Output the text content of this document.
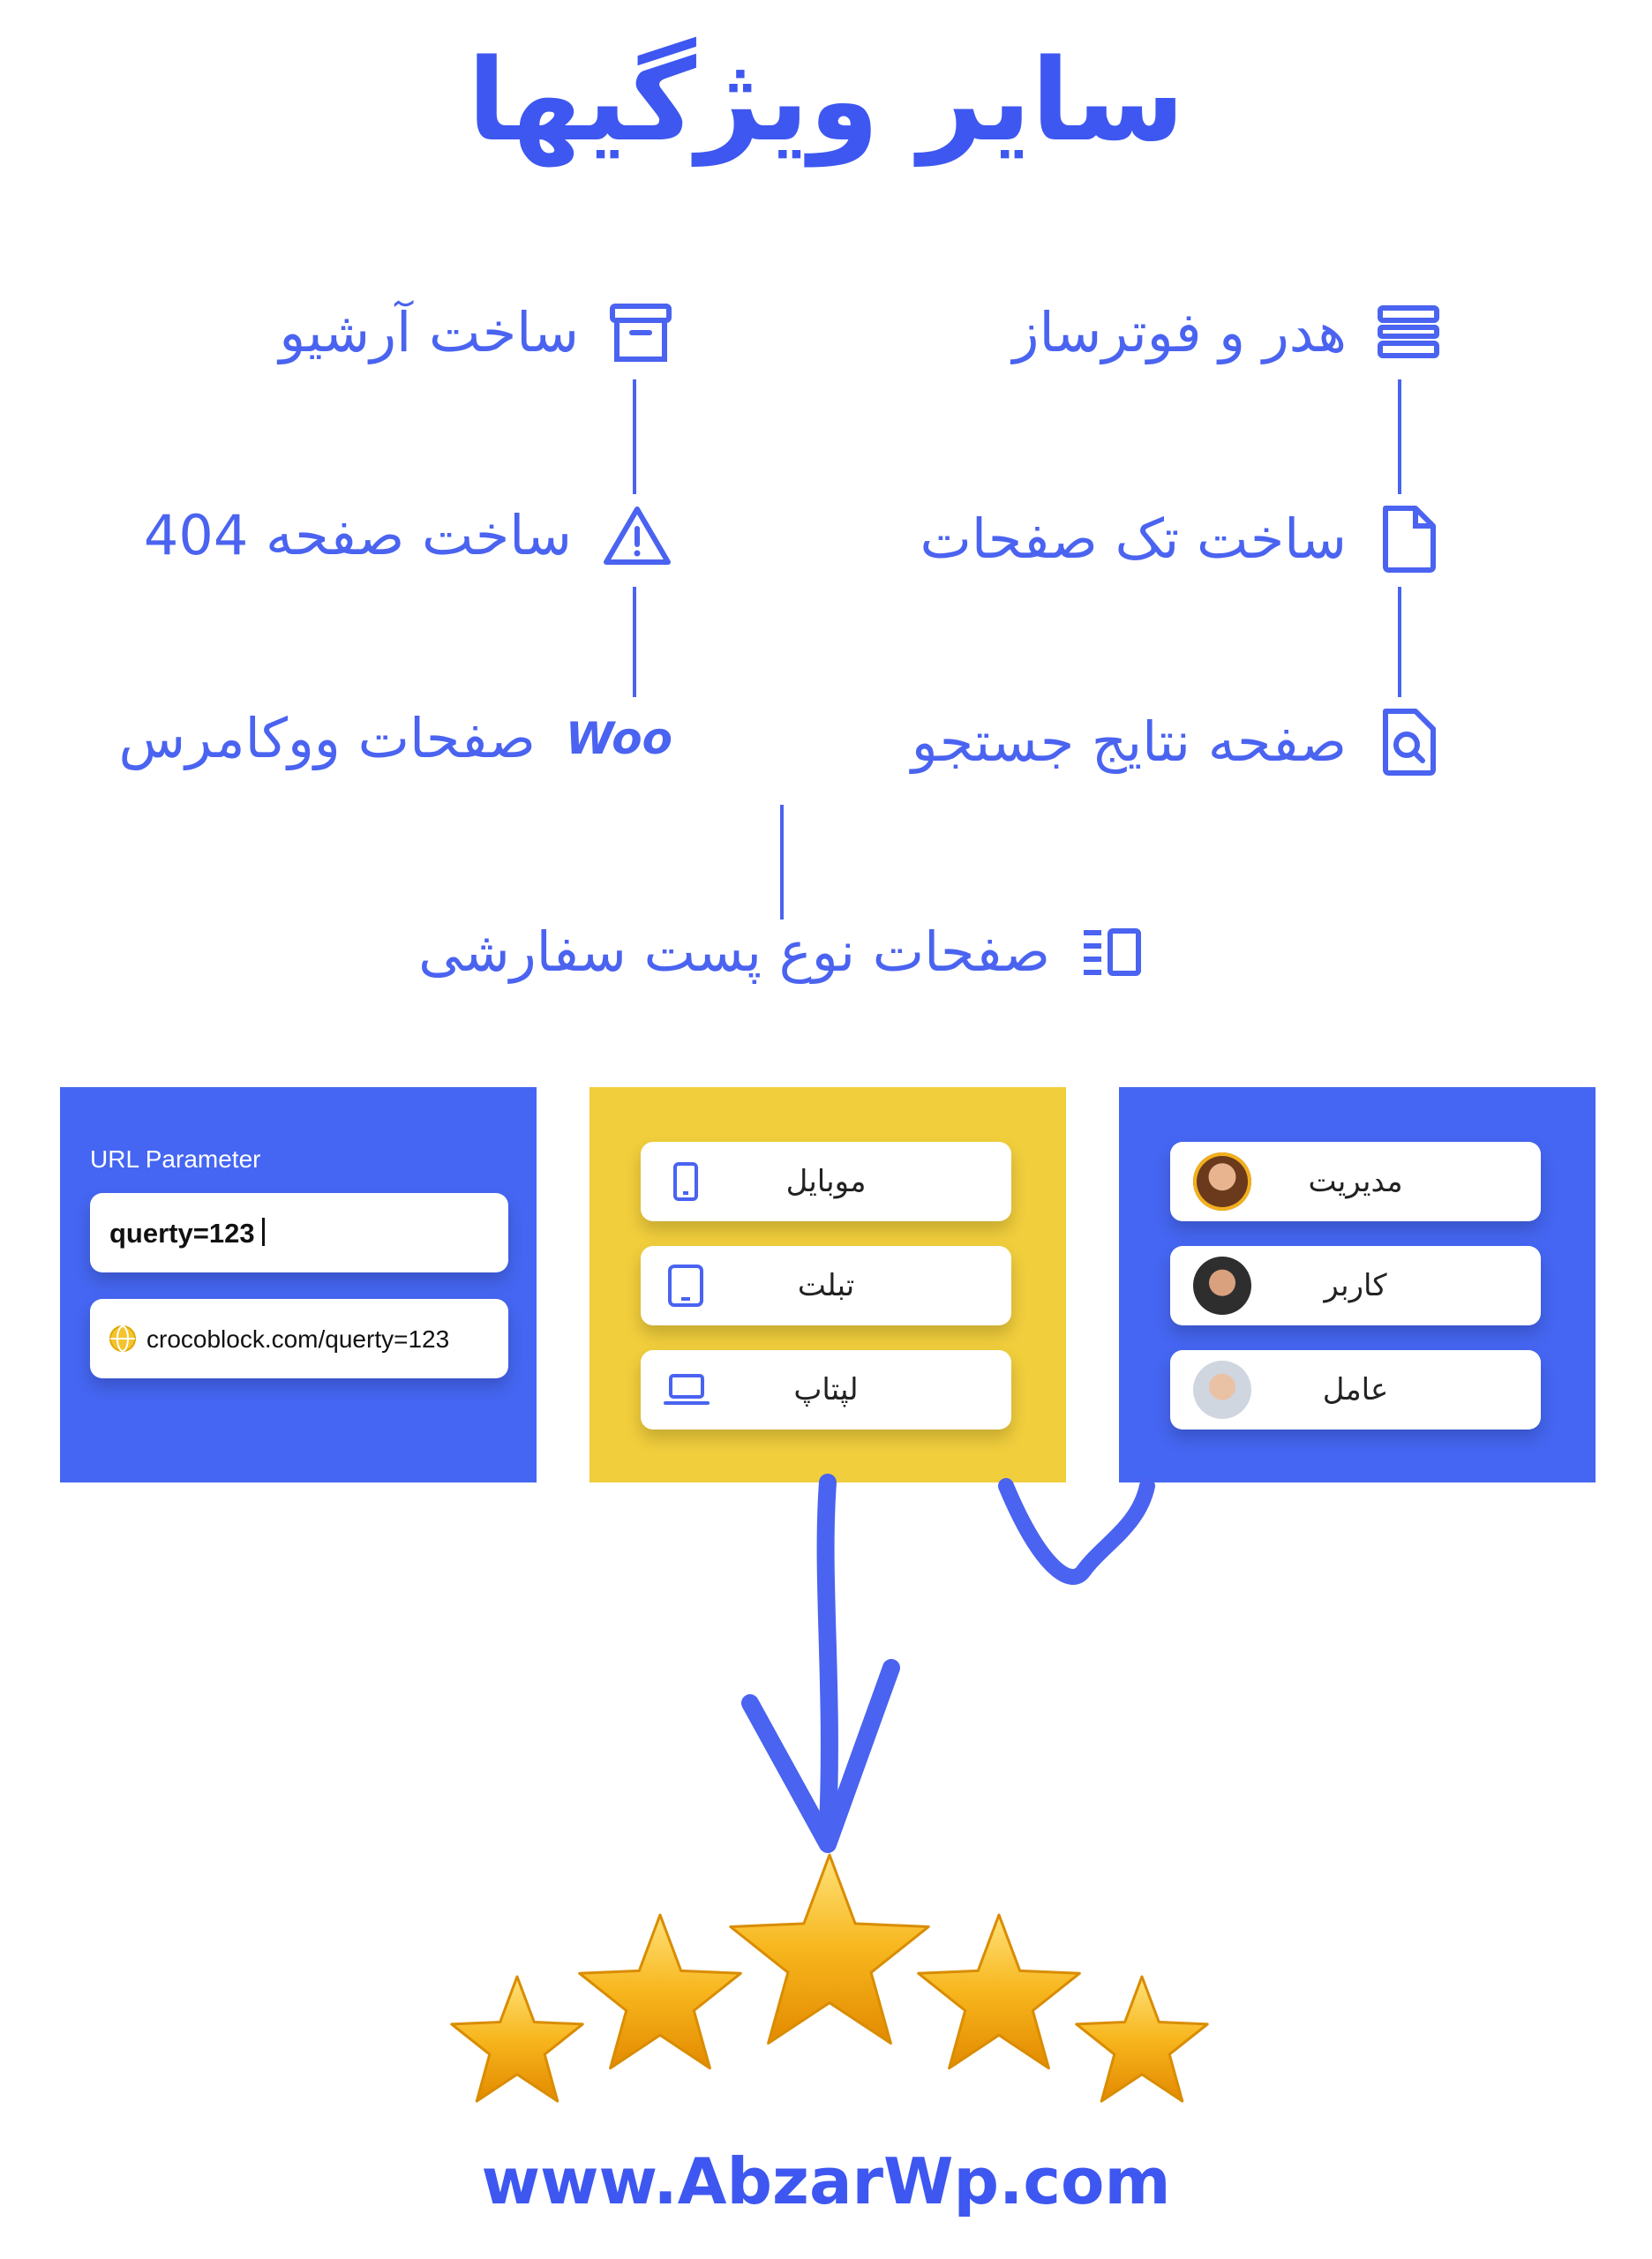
سایر ویژگیها
هدر و فوترساز
ساخت تک صفحات
صفحه نتایج جستجو
ساخت آرشیو
ساخت صفحه 404
Woo
صفحات ووکامرس
صفحات نوع پست سفارشی
URL Parameter
querty=123
crocoblock.com/querty=123
موبایل
تبلت
لپتاپ
مدیریت
کاربر
عامل
www.AbzarWp.com
